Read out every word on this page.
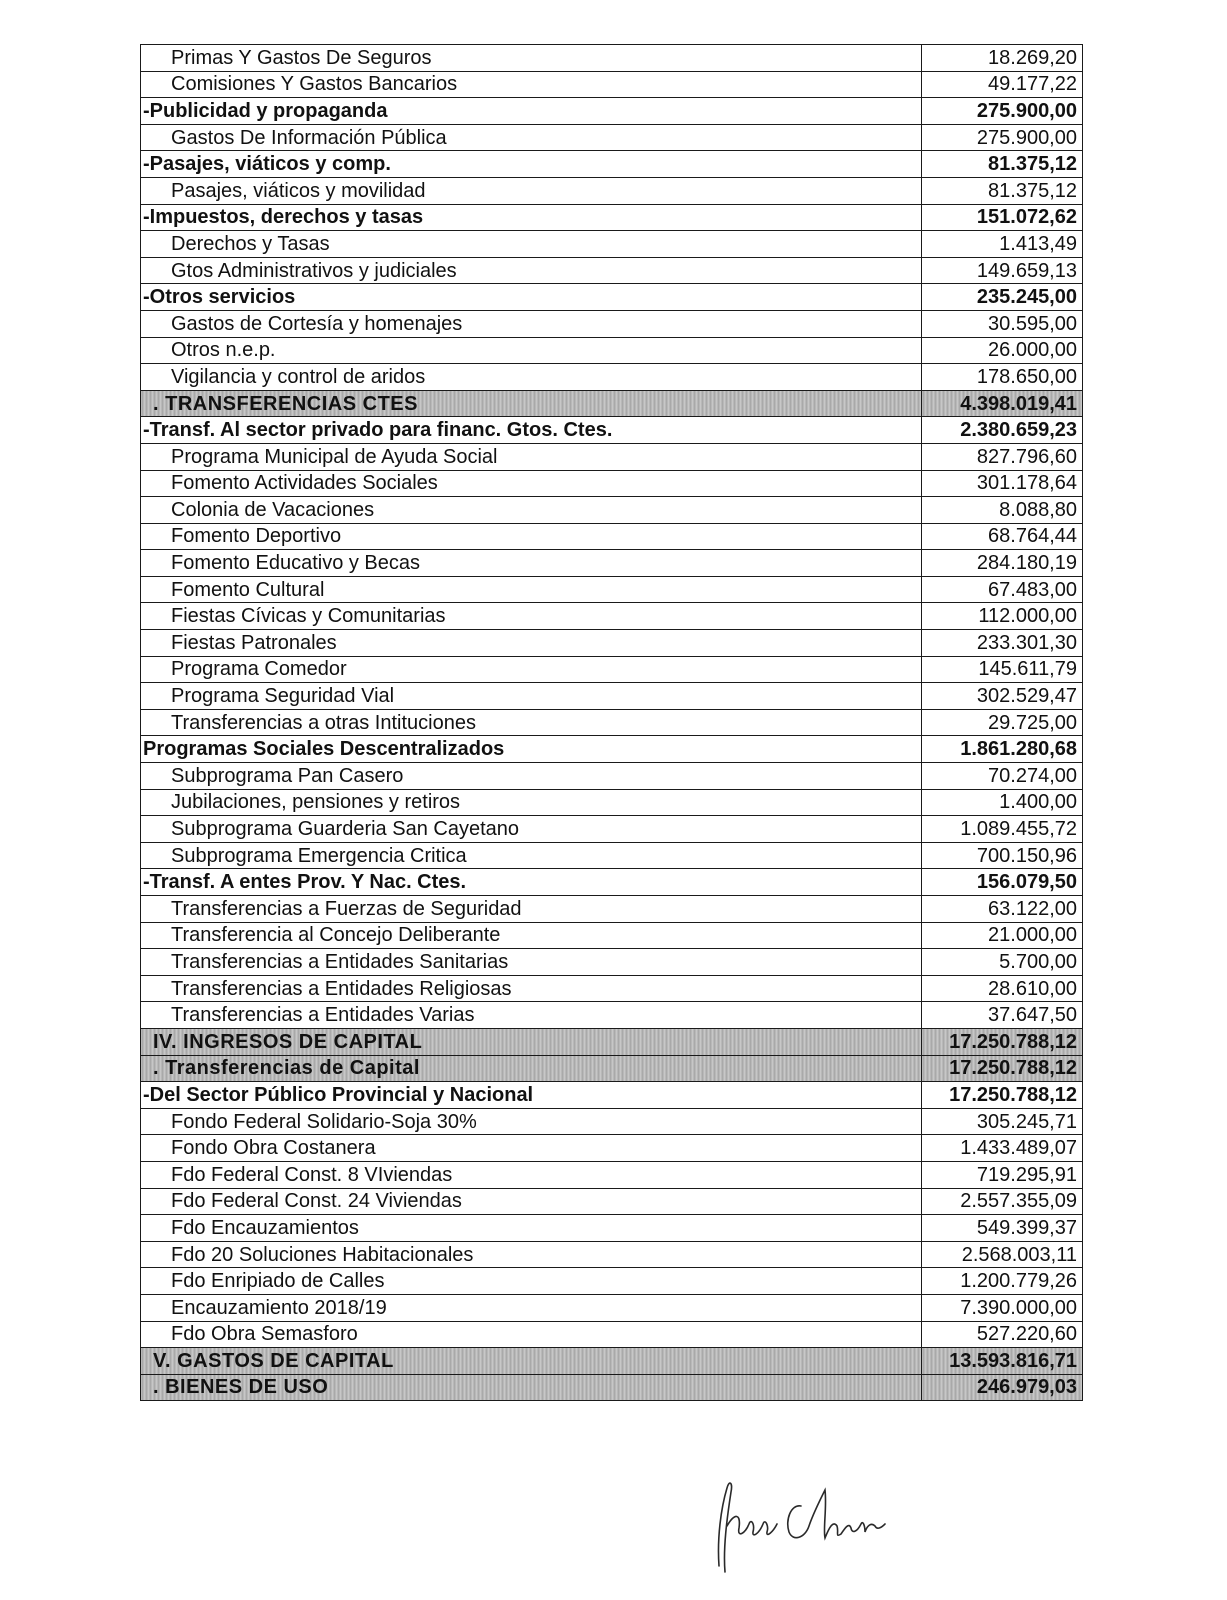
Primas Y Gastos De Seguros	18.269,20
Comisiones Y Gastos Bancarios	49.177,22
-Publicidad y propaganda	275.900,00
Gastos De Información Pública	275.900,00
-Pasajes, viáticos y comp.	81.375,12
Pasajes, viáticos y movilidad	81.375,12
-Impuestos, derechos y tasas	151.072,62
Derechos y Tasas	1.413,49
Gtos Administrativos y judiciales	149.659,13
-Otros servicios	235.245,00
Gastos de Cortesía y homenajes	30.595,00
Otros n.e.p.	26.000,00
Vigilancia y control de aridos	178.650,00
. TRANSFERENCIAS CTES	4.398.019,41
-Transf. Al sector privado para financ. Gtos. Ctes.	2.380.659,23
Programa Municipal de Ayuda Social	827.796,60
Fomento Actividades Sociales	301.178,64
Colonia de Vacaciones	8.088,80
Fomento Deportivo	68.764,44
Fomento Educativo y Becas	284.180,19
Fomento Cultural	67.483,00
Fiestas Cívicas y Comunitarias	112.000,00
Fiestas Patronales	233.301,30
Programa Comedor	145.611,79
Programa Seguridad Vial	302.529,47
Transferencias a otras Intituciones	29.725,00
Programas Sociales Descentralizados	1.861.280,68
Subprograma Pan Casero	70.274,00
Jubilaciones, pensiones y retiros	1.400,00
Subprograma Guarderia San Cayetano	1.089.455,72
Subprograma Emergencia Critica	700.150,96
-Transf. A entes Prov. Y Nac. Ctes.	156.079,50
Transferencias a Fuerzas de Seguridad	63.122,00
Transferencia al Concejo Deliberante	21.000,00
Transferencias a Entidades Sanitarias	5.700,00
Transferencias a Entidades Religiosas	28.610,00
Transferencias a Entidades Varias	37.647,50
IV. INGRESOS DE CAPITAL	17.250.788,12
. Transferencias de Capital	17.250.788,12
-Del Sector Público Provincial y Nacional	17.250.788,12
Fondo Federal Solidario-Soja 30%	305.245,71
Fondo Obra Costanera	1.433.489,07
Fdo Federal Const. 8 VIviendas	719.295,91
Fdo Federal Const. 24 Viviendas	2.557.355,09
Fdo Encauzamientos	549.399,37
Fdo 20 Soluciones Habitacionales	2.568.003,11
Fdo Enripiado de Calles	1.200.779,26
Encauzamiento 2018/19	7.390.000,00
Fdo Obra Semasforo	527.220,60
V. GASTOS DE CAPITAL	13.593.816,71
. BIENES DE USO	246.979,03
